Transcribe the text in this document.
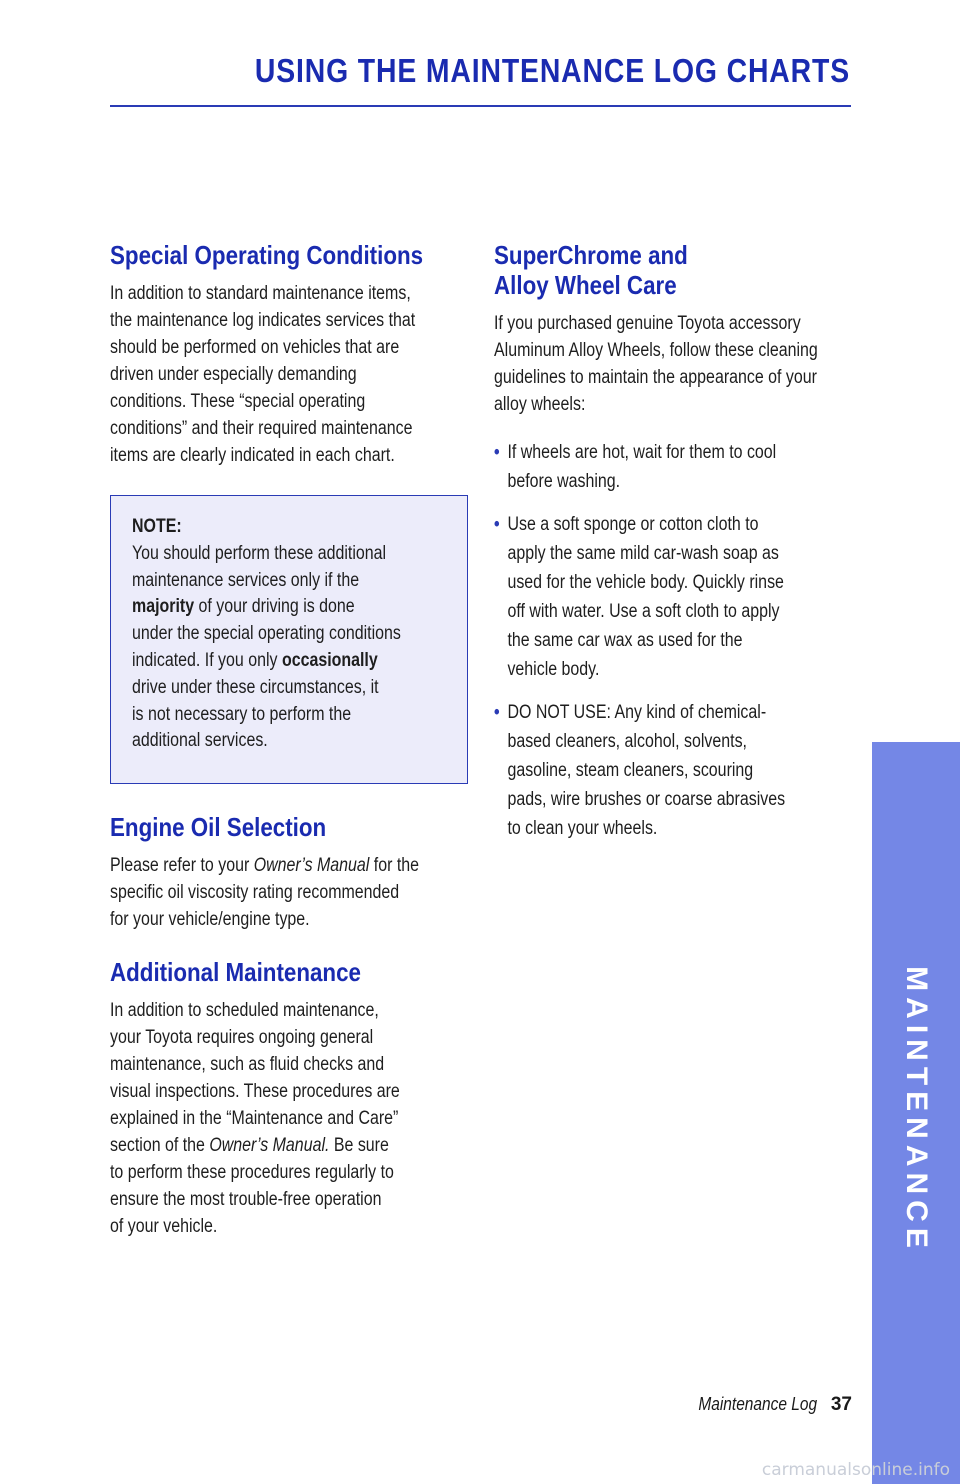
USING THE MAINTENANCE LOG CHARTS
Special Operating Conditions

In addition to standard maintenance items,

the maintenance log indicates services that

should be performed on vehicles that are

driven under especially demanding

conditions. These “special operating

conditions” and their required maintenance

items are clearly indicated in each chart.

NOTE:

You should perform these additional

maintenance services only if the

majority of your driving is done

under the special operating conditions

indicated. If you only occasionally

drive under these circumstances, it

is not necessary to perform the

additional services.

Engine Oil Selection

Please refer to your Owner’s Manual for the

specific oil viscosity rating recommended

for your vehicle/engine type.

Additional Maintenance

In addition to scheduled maintenance,

your Toyota requires ongoing general

maintenance, such as fluid checks and

visual inspections. These procedures are

explained in the “Maintenance and Care”

section of the Owner’s Manual. Be sure

to perform these procedures regularly to

ensure the most trouble-free operation

of your vehicle.

SuperChrome and
Alloy Wheel Care

If you purchased genuine Toyota accessory

Aluminum Alloy Wheels, follow these cleaning

guidelines to maintain the appearance of your

alloy wheels:

• If wheels are hot, wait for them to cool
before washing.
• Use a soft sponge or cotton cloth to
apply the same mild car-wash soap as
used for the vehicle body. Quickly rinse
off with water. Use a soft cloth to apply
the same car wax as used for the
vehicle body.
• DO NOT USE: Any kind of chemical-
based cleaners, alcohol, solvents,
gasoline, steam cleaners, scouring
pads, wire brushes or coarse abrasives
to clean your wheels.
MAINTENANCE
Maintenance Log 37
carmanualsonline.info
